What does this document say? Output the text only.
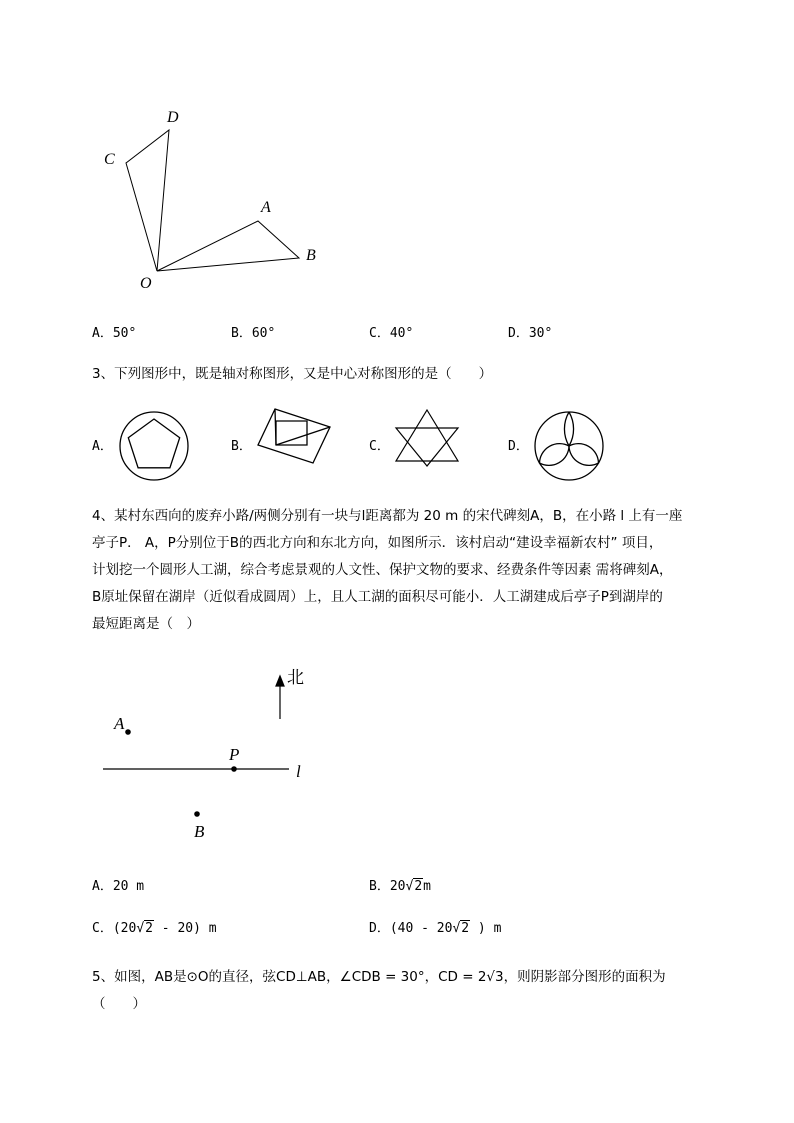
D
C
A
B
O
A．50°	B．60°	C．40°	D．30°
3、下列图形中，既是轴对称图形，又是中心对称图形的是（　　）
A．	B．	C．	D．
4、某村东西向的废弃小路/两侧分别有一块与l距离都为 20 m 的宋代碑刻A，B，在小路 l 上有一座
亭子P． A，P分别位于B的西北方向和东北方向，如图所示．该村启动“建设幸福新农村” 项目，
计划挖一个圆形人工湖，综合考虑景观的人文性、保护文物的要求、经费条件等因素 需将碑刻A，
B原址保留在湖岸（近似看成圆周）上，且人工湖的面积尽可能小．人工湖建成后亭子P到湖岸的
最短距离是（　）
北
A
P
l
B
A．20 m	B．20√2m
C．(20√2 - 20) m	D．(40 - 20√2 ) m
5、如图，AB是⊙O的直径，弦CD⊥AB，∠CDB = 30°，CD = 2√3，则阴影部分图形的面积为
（　　）
